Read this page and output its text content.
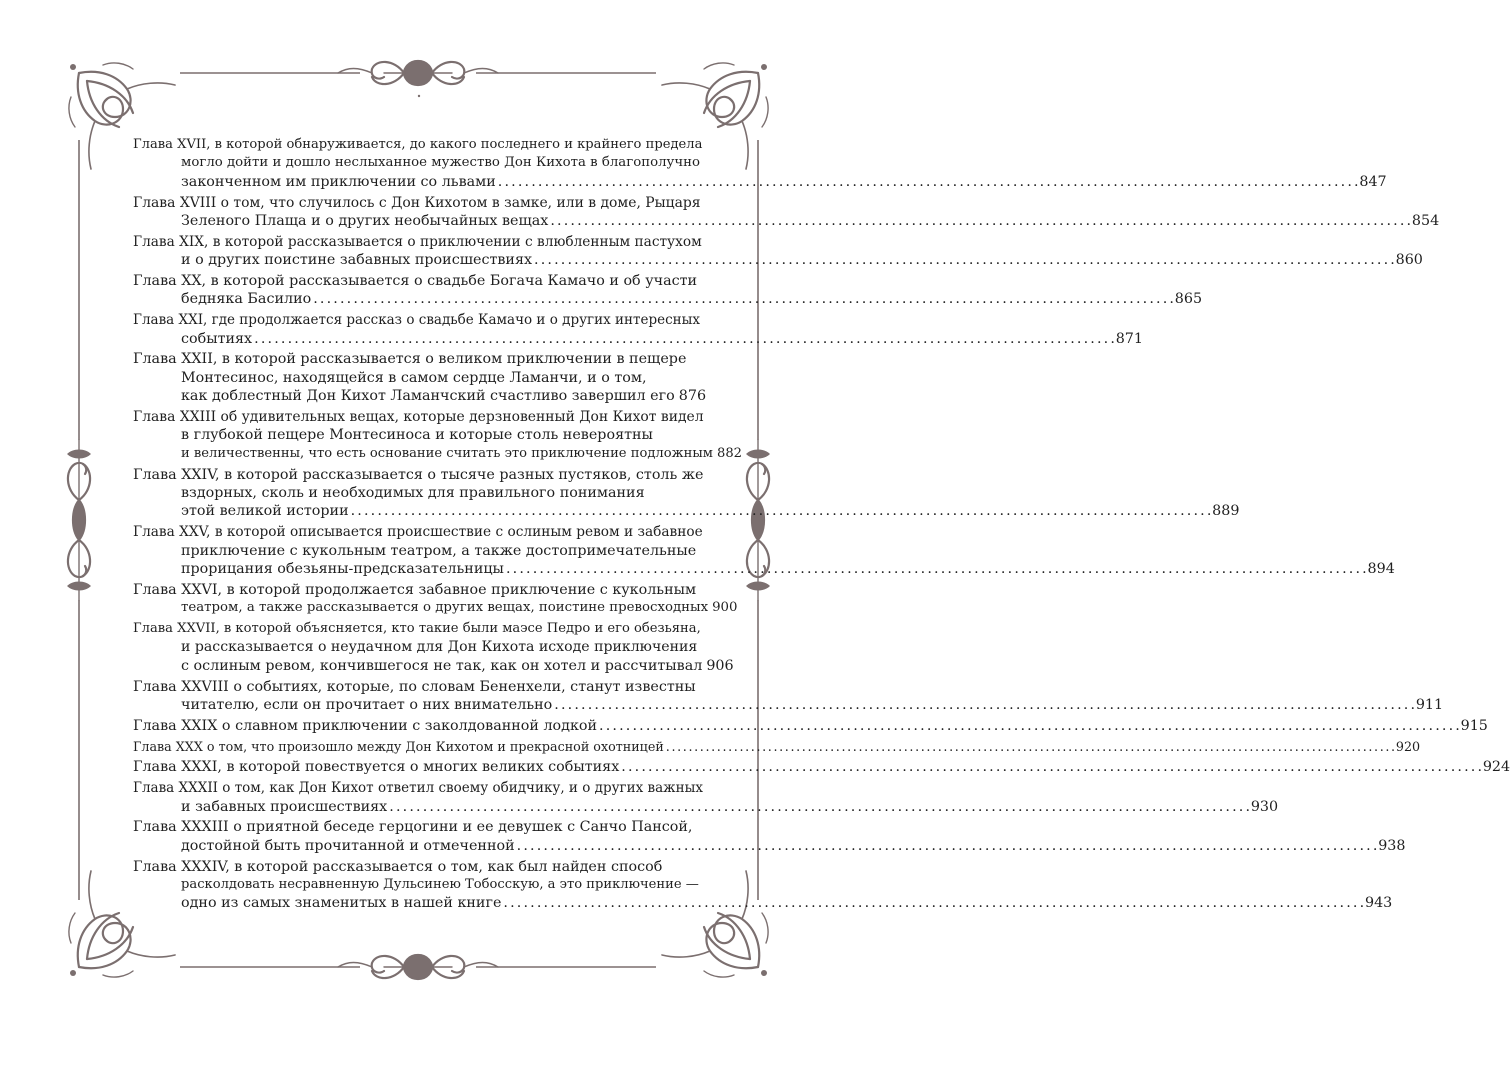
Глава XVII, в которой обнаруживается, до какого последнего и крайнего предела
могло дойти и дошло неслыханное мужество Дон Кихота в благополучно
законченном им приключении со львами . . .	847
Глава XVIII о том, что случилось с Дон Кихотом в замке, или в доме, Рыцаря
Зеленого Плаща и о других необычайных вещах . . .	854
Глава XIX, в которой рассказывается о приключении с влюбленным пастухом
и о других поистине забавных происшествиях . . .	860
Глава XX, в которой рассказывается о свадьбе Богача Камачо и об участи
бедняка Басилио . . .	865
Глава XXI, где продолжается рассказ о свадьбе Камачо и о других интересных
событиях . . .	871
Глава XXII, в которой рассказывается о великом приключении в пещере
Монтесинос, находящейся в самом сердце Ламанчи, и о том,
как доблестный Дон Кихот Ламанчский счастливо завершил его 876
Глава XXIII об удивительных вещах, которые дерзновенный Дон Кихот видел
в глубокой пещере Монтесиноса и которые столь невероятны
и величественны, что есть основание считать это приключение подложным 882
Глава XXIV, в которой рассказывается о тысяче разных пустяков, столь же
вздорных, сколь и необходимых для правильного понимания
этой великой истории . . .	889
Глава XXV, в которой описывается происшествие с ослиным ревом и забавное
приключение с кукольным театром, а также достопримечательные
прорицания обезьяны-предсказательницы . . .	894
Глава XXVI, в которой продолжается забавное приключение с кукольным
театром, а также рассказывается о других вещах, поистине превосходных 900
Глава XXVII, в которой объясняется, кто такие были маэсе Педро и его обезьяна,
и рассказывается о неудачном для Дон Кихота исходе приключения
с ослиным ревом, кончившегося не так, как он хотел и рассчитывал 906
Глава XXVIII о событиях, которые, по словам Бененхели, станут известны
читателю, если он прочитает о них внимательно . . .	911
Глава XXIX о славном приключении с заколдованной лодкой . . .	915
Глава XXX о том, что произошло между Дон Кихотом и прекрасной охотницей . . .	920
Глава XXXI, в которой повествуется о многих великих событиях . . .	924
Глава XXXII о том, как Дон Кихот ответил своему обидчику, и о других важных
и забавных происшествиях . . .	930
Глава XXXIII о приятной беседе герцогини и ее девушек с Санчо Пансой,
достойной быть прочитанной и отмеченной . . .	938
Глава XXXIV, в которой рассказывается о том, как был найден способ
расколдовать несравненную Дульсинею Тобосскую, а это приключение —
одно из самых знаменитых в нашей книге . . .	943
